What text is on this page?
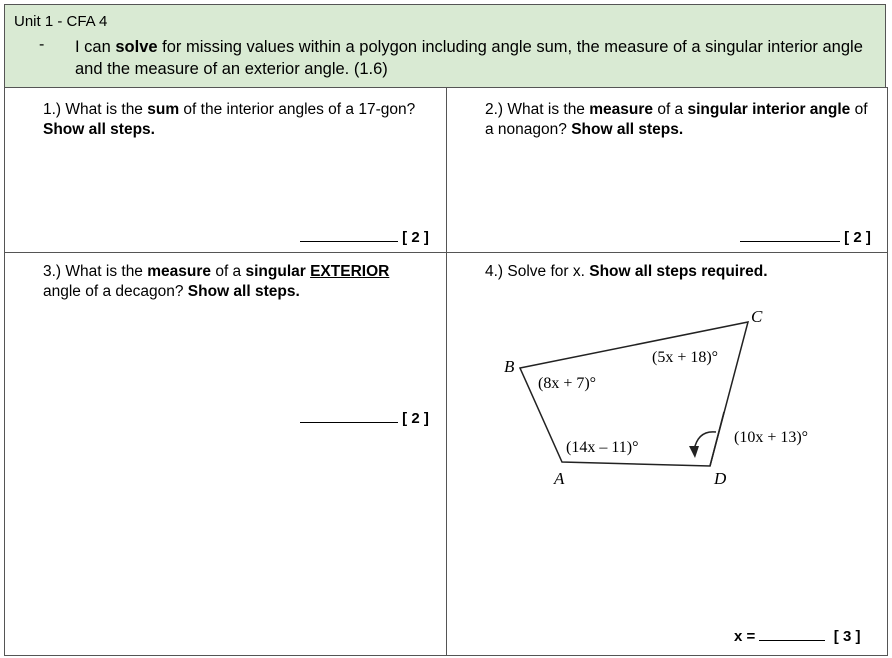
Unit 1 - CFA 4
- I can solve for missing values within a polygon including angle sum, the measure of a singular interior angle and the measure of an exterior angle. (1.6)
1.) What is the sum of the interior angles of a 17-gon? Show all steps.
[ 2 ]
2.) What is the measure of a singular interior angle of a nonagon? Show all steps.
[ 2 ]
3.) What is the measure of a singular EXTERIOR angle of a decagon? Show all steps.
[ 2 ]
4.) Solve for x. Show all steps required.
x =	[ 3 ]
B
C
A	D
(8x + 7)°
(5x + 18)°
(14x – 11)°
(10x + 13)°
